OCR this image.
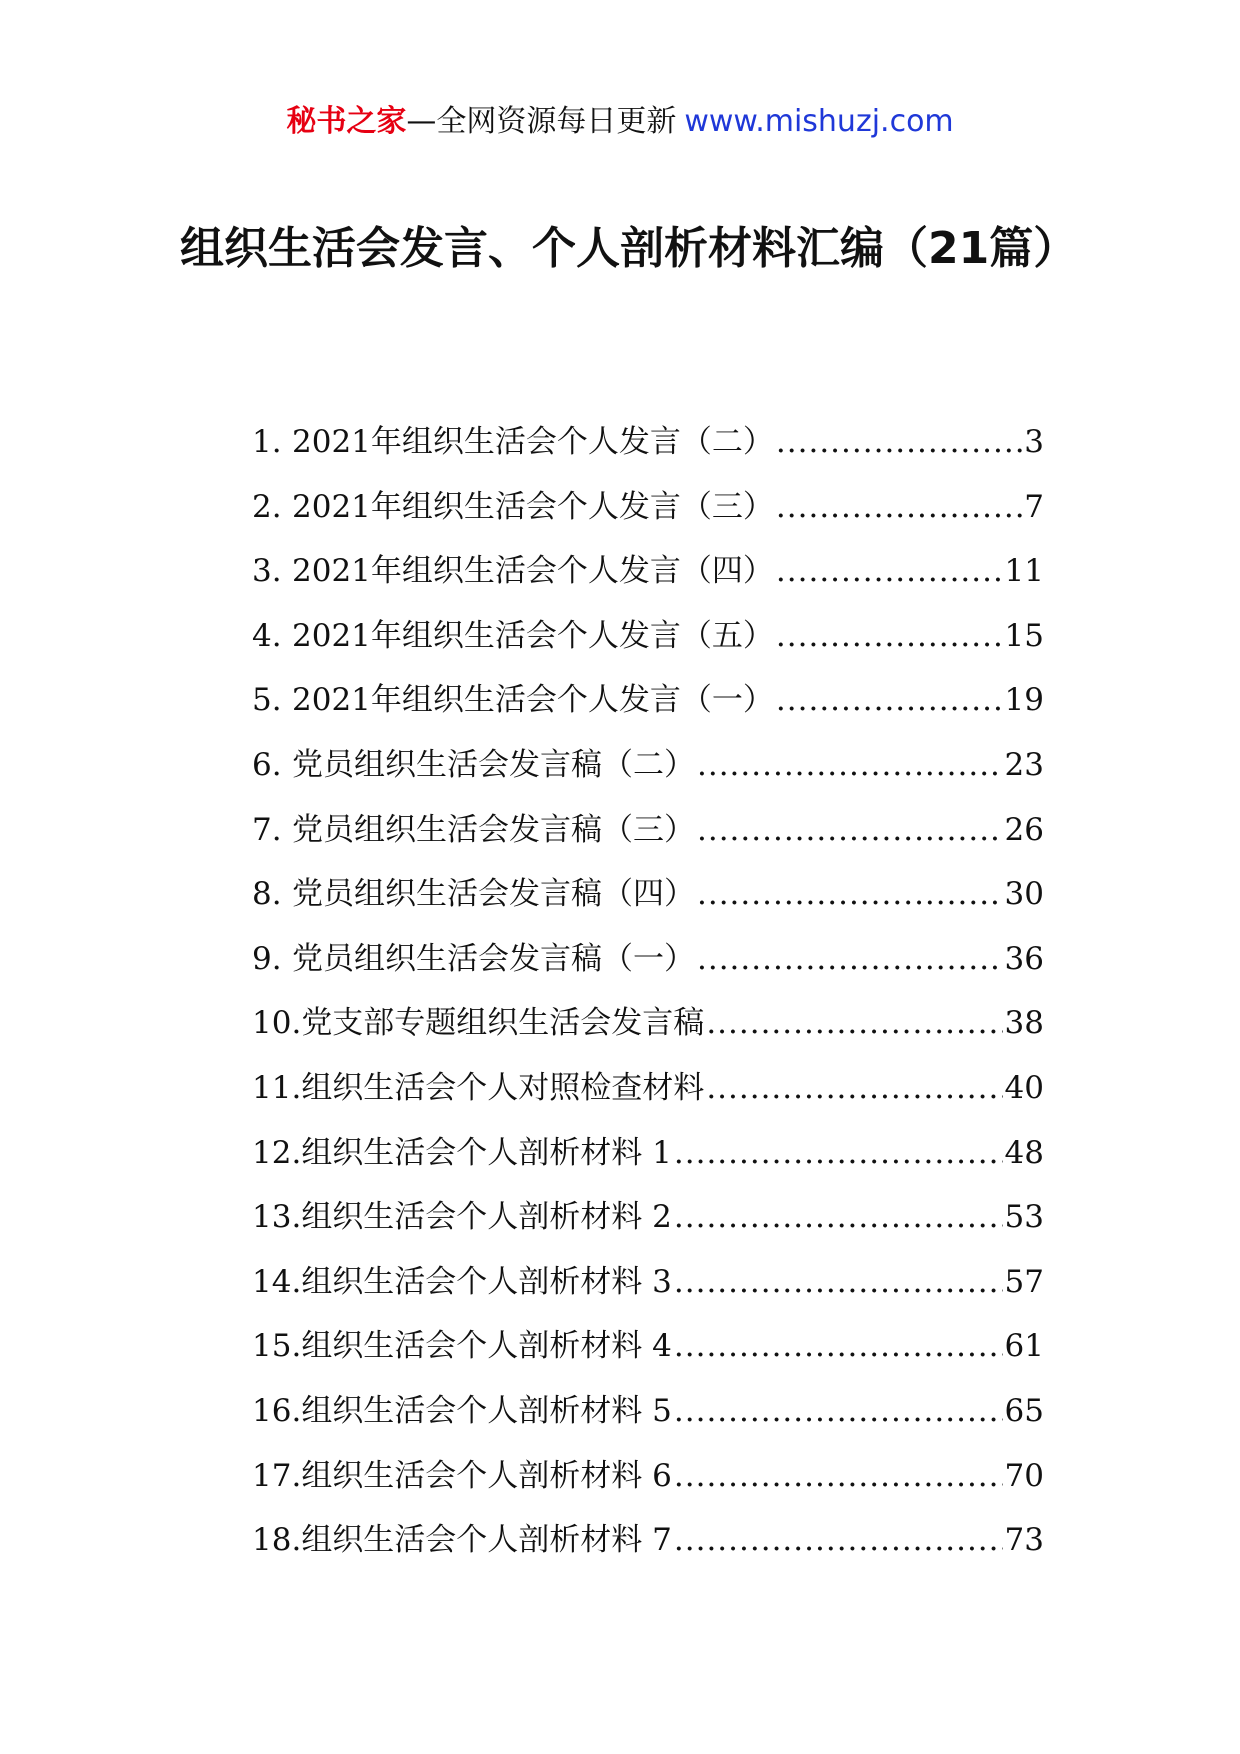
秘书之家—全网资源每日更新 www.mishuzj.com
组织生活会发言、个人剖析材料汇编（21篇）
1. 2021年组织生活会个人发言（二） .....	3
2. 2021年组织生活会个人发言（三） .....	7
3. 2021年组织生活会个人发言（四） .....	11
4. 2021年组织生活会个人发言（五） .....	15
5. 2021年组织生活会个人发言（一） .....	19
6. 党员组织生活会发言稿（二） .....	23
7. 党员组织生活会发言稿（三） .....	26
8. 党员组织生活会发言稿（四） .....	30
9. 党员组织生活会发言稿（一） .....	36
10. 党支部专题组织生活会发言稿 .....	38
11. 组织生活会个人对照检查材料 .....	40
12. 组织生活会个人剖析材料 1 .....	48
13. 组织生活会个人剖析材料 2 .....	53
14. 组织生活会个人剖析材料 3 .....	57
15. 组织生活会个人剖析材料 4 .....	61
16. 组织生活会个人剖析材料 5 .....	65
17. 组织生活会个人剖析材料 6 .....	70
18. 组织生活会个人剖析材料 7 .....	73
